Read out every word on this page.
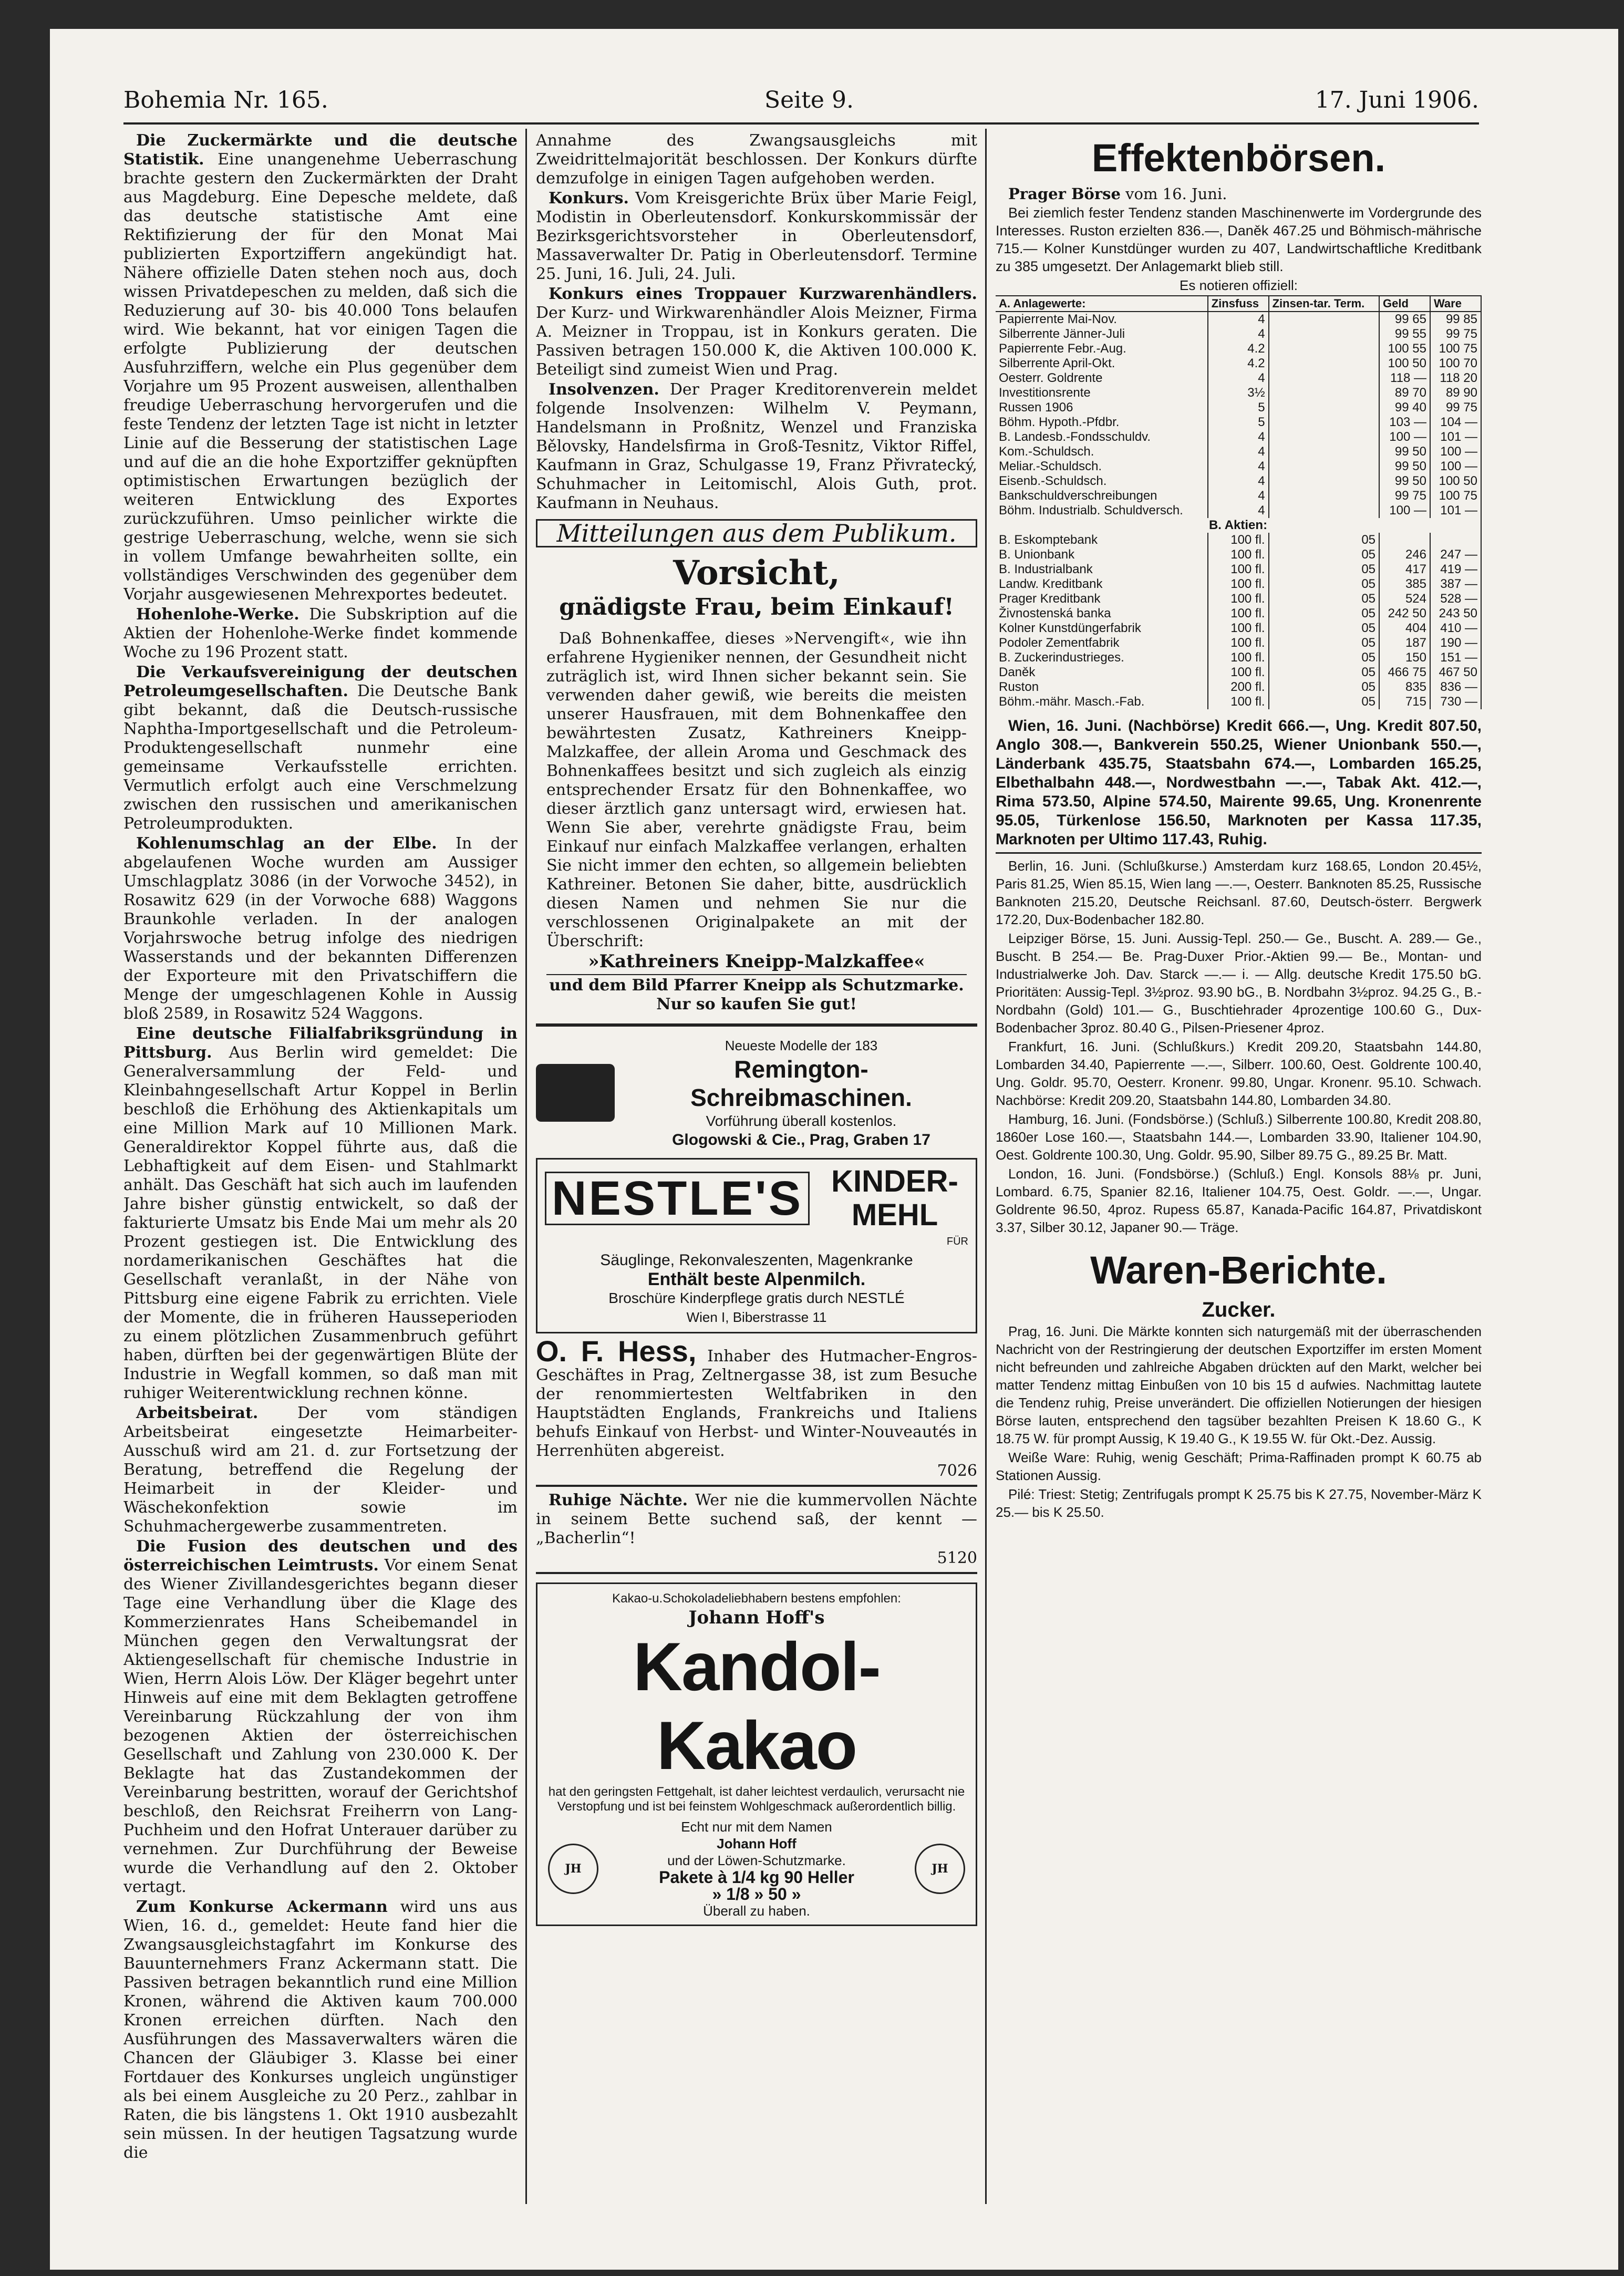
Bohemia Nr. 165.	Seite 9.	17. Juni 1906.

Die Zuckermärkte und die deutsche Statistik. Eine unangenehme Ueberraschung brachte gestern den Zuckermärkten der Draht aus Magdeburg. Eine Depesche meldete, daß das deutsche statistische Amt eine Rektifizierung der für den Monat Mai publizierten Exportziffern angekündigt hat. Nähere offizielle Daten stehen noch aus, doch wissen Privatdepeschen zu melden, daß sich die Reduzierung auf 30- bis 40.000 Tons belaufen wird. Wie bekannt, hat vor einigen Tagen die erfolgte Publizierung der deutschen Ausfuhrziffern, welche ein Plus gegenüber dem Vorjahre um 95 Prozent ausweisen, allenthalben freudige Ueberraschung hervorgerufen und die feste Tendenz der letzten Tage ist nicht in letzter Linie auf die Besserung der statistischen Lage und auf die an die hohe Exportziffer geknüpften optimistischen Erwartungen bezüglich der weiteren Entwicklung des Exportes zurückzuführen. Umso peinlicher wirkte die gestrige Ueberraschung, welche, wenn sie sich in vollem Umfange bewahrheiten sollte, ein vollständiges Verschwinden des gegenüber dem Vorjahr ausgewiesenen Mehrexportes bedeutet.

Hohenlohe-Werke. Die Subskription auf die Aktien der Hohenlohe-Werke findet kommende Woche zu 196 Prozent statt.

Die Verkaufsvereinigung der deutschen Petroleumgesellschaften. Die Deutsche Bank gibt bekannt, daß die Deutsch-russische Naphtha-Importgesellschaft und die Petroleum-Produktengesellschaft nunmehr eine gemeinsame Verkaufsstelle errichten. Vermutlich erfolgt auch eine Verschmelzung zwischen den russischen und amerikanischen Petroleumprodukten.

Kohlenumschlag an der Elbe. In der abgelaufenen Woche wurden am Aussiger Umschlagplatz 3086 (in der Vorwoche 3452), in Rosawitz 629 (in der Vorwoche 688) Waggons Braunkohle verladen. In der analogen Vorjahrswoche betrug infolge des niedrigen Wasserstands und der bekannten Differenzen der Exporteure mit den Privatschiffern die Menge der umgeschlagenen Kohle in Aussig bloß 2589, in Rosawitz 524 Waggons.

Eine deutsche Filialfabriksgründung in Pittsburg. Aus Berlin wird gemeldet: Die Generalversammlung der Feld- und Kleinbahngesellschaft Artur Koppel in Berlin beschloß die Erhöhung des Aktienkapitals um eine Million Mark auf 10 Millionen Mark. Generaldirektor Koppel führte aus, daß die Lebhaftigkeit auf dem Eisen- und Stahlmarkt anhält. Das Geschäft hat sich auch im laufenden Jahre bisher günstig entwickelt, so daß der fakturierte Umsatz bis Ende Mai um mehr als 20 Prozent gestiegen ist. Die Entwicklung des nordamerikanischen Geschäftes hat die Gesellschaft veranlaßt, in der Nähe von Pittsburg eine eigene Fabrik zu errichten. Viele der Momente, die in früheren Hausseperioden zu einem plötzlichen Zusammenbruch geführt haben, dürften bei der gegenwärtigen Blüte der Industrie in Wegfall kommen, so daß man mit ruhiger Weiterentwicklung rechnen könne.

Arbeitsbeirat. Der vom ständigen Arbeitsbeirat eingesetzte Heimarbeiter-Ausschuß wird am 21. d. zur Fortsetzung der Beratung, betreffend die Regelung der Heimarbeit in der Kleider- und Wäschekonfektion sowie im Schuhmachergewerbe zusammentreten.

Die Fusion des deutschen und des österreichischen Leimtrusts. Vor einem Senat des Wiener Zivillandesgerichtes begann dieser Tage eine Verhandlung über die Klage des Kommerzienrates Hans Scheibemandel in München gegen den Verwaltungsrat der Aktiengesellschaft für chemische Industrie in Wien, Herrn Alois Löw. Der Kläger begehrt unter Hinweis auf eine mit dem Beklagten getroffene Vereinbarung Rückzahlung der von ihm bezogenen Aktien der österreichischen Gesellschaft und Zahlung von 230.000 K. Der Beklagte hat das Zustandekommen der Vereinbarung bestritten, worauf der Gerichtshof beschloß, den Reichsrat Freiherrn von Lang-Puchheim und den Hofrat Unterauer darüber zu vernehmen. Zur Durchführung der Beweise wurde die Verhandlung auf den 2. Oktober vertagt.

Zum Konkurse Ackermann wird uns aus Wien, 16. d., gemeldet: Heute fand hier die Zwangsausgleichstagfahrt im Konkurse des Bauunternehmers Franz Ackermann statt. Die Passiven betragen bekanntlich rund eine Million Kronen, während die Aktiven kaum 700.000 Kronen erreichen dürften. Nach den Ausführungen des Massaverwalters wären die Chancen der Gläubiger 3. Klasse bei einer Fortdauer des Konkurses ungleich ungünstiger als bei einem Ausgleiche zu 20 Perz., zahlbar in Raten, die bis längstens 1. Okt 1910 ausbezahlt sein müssen. In der heutigen Tagsatzung wurde die

Annahme des Zwangsausgleichs mit Zweidrittelmajorität beschlossen. Der Konkurs dürfte demzufolge in einigen Tagen aufgehoben werden.

Konkurs. Vom Kreisgerichte Brüx über Marie Feigl, Modistin in Oberleutensdorf. Konkurskommissär der Bezirksgerichtsvorsteher in Oberleutensdorf, Massaverwalter Dr. Patig in Oberleutensdorf. Termine 25. Juni, 16. Juli, 24. Juli.

Konkurs eines Troppauer Kurzwarenhändlers. Der Kurz- und Wirkwarenhändler Alois Meizner, Firma A. Meizner in Troppau, ist in Konkurs geraten. Die Passiven betragen 150.000 K, die Aktiven 100.000 K. Beteiligt sind zumeist Wien und Prag.

Insolvenzen. Der Prager Kreditorenverein meldet folgende Insolvenzen: Wilhelm V. Peymann, Handelsmann in Proßnitz, Wenzel und Franziska Bělovsky, Handelsfirma in Groß-Tesnitz, Viktor Riffel, Kaufmann in Graz, Schulgasse 19, Franz Přivratecký, Schuhmacher in Leitomischl, Alois Guth, prot. Kaufmann in Neuhaus.

Mitteilungen aus dem Publikum.
Vorsicht,
gnädigste Frau, beim Einkauf!

Daß Bohnenkaffee, dieses »Nervengift«, wie ihn erfahrene Hygieniker nennen, der Gesundheit nicht zuträglich ist, wird Ihnen sicher bekannt sein. Sie verwenden daher gewiß, wie bereits die meisten unserer Hausfrauen, mit dem Bohnenkaffee den bewährtesten Zusatz, Kathreiners Kneipp-Malzkaffee, der allein Aroma und Geschmack des Bohnenkaffees besitzt und sich zugleich als einzig entsprechender Ersatz für den Bohnenkaffee, wo dieser ärztlich ganz untersagt wird, erwiesen hat. Wenn Sie aber, verehrte gnädigste Frau, beim Einkauf nur einfach Malzkaffee verlangen, erhalten Sie nicht immer den echten, so allgemein beliebten Kathreiner. Betonen Sie daher, bitte, ausdrücklich diesen Namen und nehmen Sie nur die verschlossenen Originalpakete an mit der Überschrift:

»Kathreiners Kneipp-Malzkaffee«

und dem Bild Pfarrer Kneipp als Schutzmarke. Nur so kaufen Sie gut!

Neueste Modelle der 183
Remington-Schreibmaschinen.
Vorführung überall kostenlos.
Glogowski & Cie., Prag, Graben 17
NESTLE'S KINDER-MEHL
FÜR
Säuglinge, Rekonvaleszenten, Magenkranke
Enthält beste Alpenmilch.
Broschüre Kinderpflege gratis durch NESTLÉ
Wien I, Biberstrasse 11

O. F. Hess, Inhaber des Hutmacher-Engros-Geschäftes in Prag, Zeltnergasse 38, ist zum Besuche der renommiertesten Weltfabriken in den Hauptstädten Englands, Frankreichs und Italiens behufs Einkauf von Herbst- und Winter-Nouveautés in Herrenhüten abgereist.

7026

Ruhige Nächte. Wer nie die kummervollen Nächte in seinem Bette suchend saß, der kennt — „Bacherlin“!

5120
Kakao-u.Schokoladeliebhabern bestens empfohlen:
Johann Hoff's
Kandol-Kakao
hat den geringsten Fettgehalt, ist daher leichtest verdaulich, verursacht nie Verstopfung und ist bei feinstem Wohlgeschmack außerordentlich billig.
JH
Echt nur mit dem Namen
Johann Hoff
und der Löwen-Schutzmarke.
Pakete à 1/4 kg 90 Heller
» 1/8 » 50 »
Überall zu haben.
JH
Effektenbörsen.

Prager Börse vom 16. Juni.

Bei ziemlich fester Tendenz standen Maschinenwerte im Vordergrunde des Interesses. Ruston erzielten 836.—, Daněk 467.25 und Böhmisch-mährische 715.— Kolner Kunstdünger wurden zu 407, Landwirtschaftliche Kreditbank zu 385 umgesetzt. Der Anlagemarkt blieb still.

Es notieren offiziell:

A. Anlagewerte:	Zinsfuss	Zinsen-tar. Term.	Geld	Ware
Papierrente Mai-Nov.	4		99 65	99 85
Silberrente Jänner-Juli	4		99 55	99 75
Papierrente Febr.-Aug.	4.2		100 55	100 75
Silberrente April-Okt.	4.2		100 50	100 70
Oesterr. Goldrente	4		118 —	118 20
Investitionsrente	3½		89 70	89 90
Russen 1906	5		99 40	99 75
Böhm. Hypoth.-Pfdbr.	5		103 —	104 —
B. Landesb.-Fondsschuldv.	4		100 —	101 —
Kom.-Schuldsch.	4		99 50	100 —
Meliar.-Schuldsch.	4		99 50	100 —
Eisenb.-Schuldsch.	4		99 50	100 50
Bankschuldverschreibungen	4		99 75	100 75
Böhm. Industrialb. Schuldversch.	4		100 —	101 —
B. Aktien:				
B. Eskomptebank	100 fl.	05		
B. Unionbank	100 fl.	05	246	247 —
B. Industrialbank	100 fl.	05	417	419 —
Landw. Kreditbank	100 fl.	05	385	387 —
Prager Kreditbank	100 fl.	05	524	528 —
Živnostenská banka	100 fl.	05	242 50	243 50
Kolner Kunstdüngerfabrik	100 fl.	05	404	410 —
Podoler Zementfabrik	100 fl.	05	187	190 —
B. Zuckerindustrieges.	100 fl.	05	150	151 —
Daněk	100 fl.	05	466 75	467 50
Ruston	200 fl.	05	835	836 —
Böhm.-mähr. Masch.-Fab.	100 fl.	05	715	730 —

Wien, 16. Juni. (Nachbörse) Kredit 666.—, Ung. Kredit 807.50, Anglo 308.—, Bankverein 550.25, Wiener Unionbank 550.—, Länderbank 435.75, Staatsbahn 674.—, Lombarden 165.25, Elbethalbahn 448.—, Nordwestbahn —.—, Tabak Akt. 412.—, Rima 573.50, Alpine 574.50, Mairente 99.65, Ung. Kronenrente 95.05, Türkenlose 156.50, Marknoten per Kassa 117.35, Marknoten per Ultimo 117.43, Ruhig.

Berlin, 16. Juni. (Schlußkurse.) Amsterdam kurz 168.65, London 20.45½, Paris 81.25, Wien 85.15, Wien lang —.—, Oesterr. Banknoten 85.25, Russische Banknoten 215.20, Deutsche Reichsanl. 87.60, Deutsch-österr. Bergwerk 172.20, Dux-Bodenbacher 182.80.

Leipziger Börse, 15. Juni. Aussig-Tepl. 250.— Ge., Buscht. A. 289.— Ge., Buscht. B 254.— Be. Prag-Duxer Prior.-Aktien 99.— Be., Montan- und Industrialwerke Joh. Dav. Starck —.— i. — Allg. deutsche Kredit 175.50 bG. Prioritäten: Aussig-Tepl. 3½proz. 93.90 bG., B. Nordbahn 3½proz. 94.25 G., B.-Nordbahn (Gold) 101.— G., Buschtiehrader 4prozentige 100.60 G., Dux-Bodenbacher 3proz. 80.40 G., Pilsen-Priesener 4proz.

Frankfurt, 16. Juni. (Schlußkurs.) Kredit 209.20, Staatsbahn 144.80, Lombarden 34.40, Papierrente —.—, Silberr. 100.60, Oest. Goldrente 100.40, Ung. Goldr. 95.70, Oesterr. Kronenr. 99.80, Ungar. Kronenr. 95.10. Schwach. Nachbörse: Kredit 209.20, Staatsbahn 144.80, Lombarden 34.80.

Hamburg, 16. Juni. (Fondsbörse.) (Schluß.) Silberrente 100.80, Kredit 208.80, 1860er Lose 160.—, Staatsbahn 144.—, Lombarden 33.90, Italiener 104.90, Oest. Goldrente 100.30, Ung. Goldr. 95.90, Silber 89.75 G., 89.25 Br. Matt.

London, 16. Juni. (Fondsbörse.) (Schluß.) Engl. Konsols 88⅛ pr. Juni, Lombard. 6.75, Spanier 82.16, Italiener 104.75, Oest. Goldr. —.—, Ungar. Goldrente 96.50, 4proz. Rupess 65.87, Kanada-Pacific 164.87, Privatdiskont 3.37, Silber 30.12, Japaner 90.— Träge.

Waren-Berichte.
Zucker.

Prag, 16. Juni. Die Märkte konnten sich naturgemäß mit der überraschenden Nachricht von der Restringierung der deutschen Exportziffer im ersten Moment nicht befreunden und zahlreiche Abgaben drückten auf den Markt, welcher bei matter Tendenz mittag Einbußen von 10 bis 15 d aufwies. Nachmittag lautete die Tendenz ruhig, Preise unverändert. Die offiziellen Notierungen der hiesigen Börse lauten, entsprechend den tagsüber bezahlten Preisen K 18.60 G., K 18.75 W. für prompt Aussig, K 19.40 G., K 19.55 W. für Okt.-Dez. Aussig.

Weiße Ware: Ruhig, wenig Geschäft; Prima-Raffinaden prompt K 60.75 ab Stationen Aussig.

Pilé: Triest: Stetig; Zentrifugals prompt K 25.75 bis K 27.75, November-März K 25.— bis K 25.50.
